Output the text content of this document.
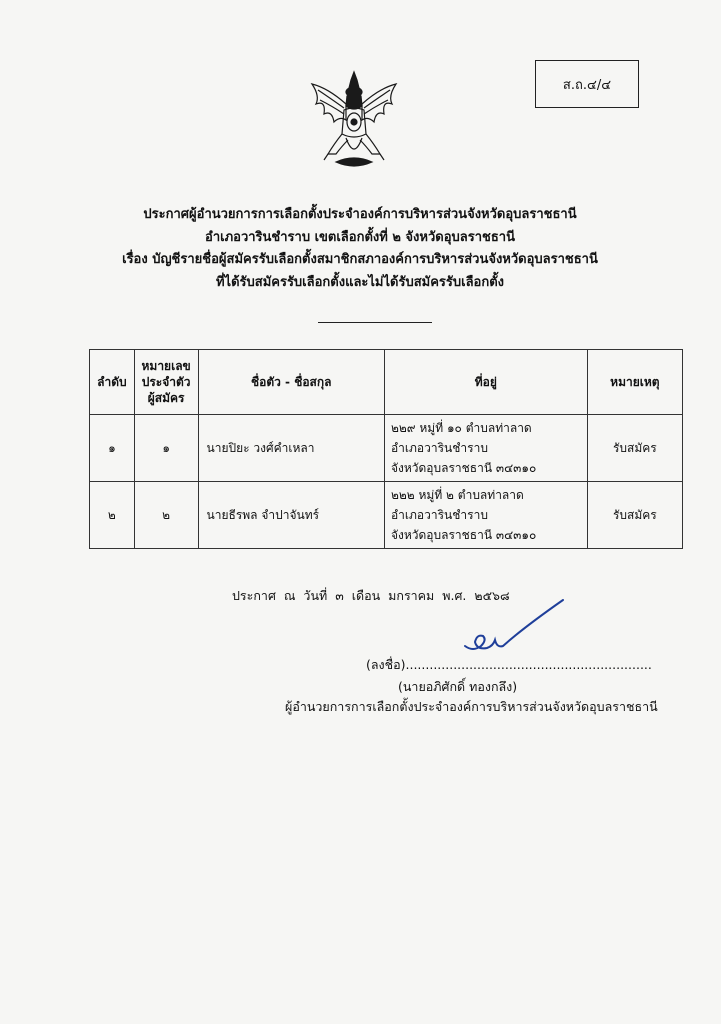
ส.ถ.๔/๔
ประกาศผู้อำนวยการการเลือกตั้งประจำองค์การบริหารส่วนจังหวัดอุบลราชธานี
อำเภอวารินชำราบ เขตเลือกตั้งที่ ๒ จังหวัดอุบลราชธานี
เรื่อง บัญชีรายชื่อผู้สมัครรับเลือกตั้งสมาชิกสภาองค์การบริหารส่วนจังหวัดอุบลราชธานี
ที่ได้รับสมัครรับเลือกตั้งและไม่ได้รับสมัครรับเลือกตั้ง
ลำดับ	หมายเลข
ประจำตัว
ผู้สมัคร	ชื่อตัว - ชื่อสกุล	ที่อยู่	หมายเหตุ
๑	๑	นายปิยะ วงศ์คำเหลา	๒๒๙ หมู่ที่ ๑๐ ตำบลท่าลาด
อำเภอวารินชำราบ
จังหวัดอุบลราชธานี ๓๔๓๑๐	รับสมัคร
๒	๒	นายธีรพล จำปาจันทร์	๒๒๒ หมู่ที่ ๒ ตำบลท่าลาด
อำเภอวารินชำราบ
จังหวัดอุบลราชธานี ๓๔๓๑๐	รับสมัคร
ประกาศ ณ วันที่ ๓ เดือน มกราคม พ.ศ. ๒๕๖๘
(ลงชื่อ)..............................................................
(นายอภิศักดิ์ ทองกลึง)
ผู้อำนวยการการเลือกตั้งประจำองค์การบริหารส่วนจังหวัดอุบลราชธานี
